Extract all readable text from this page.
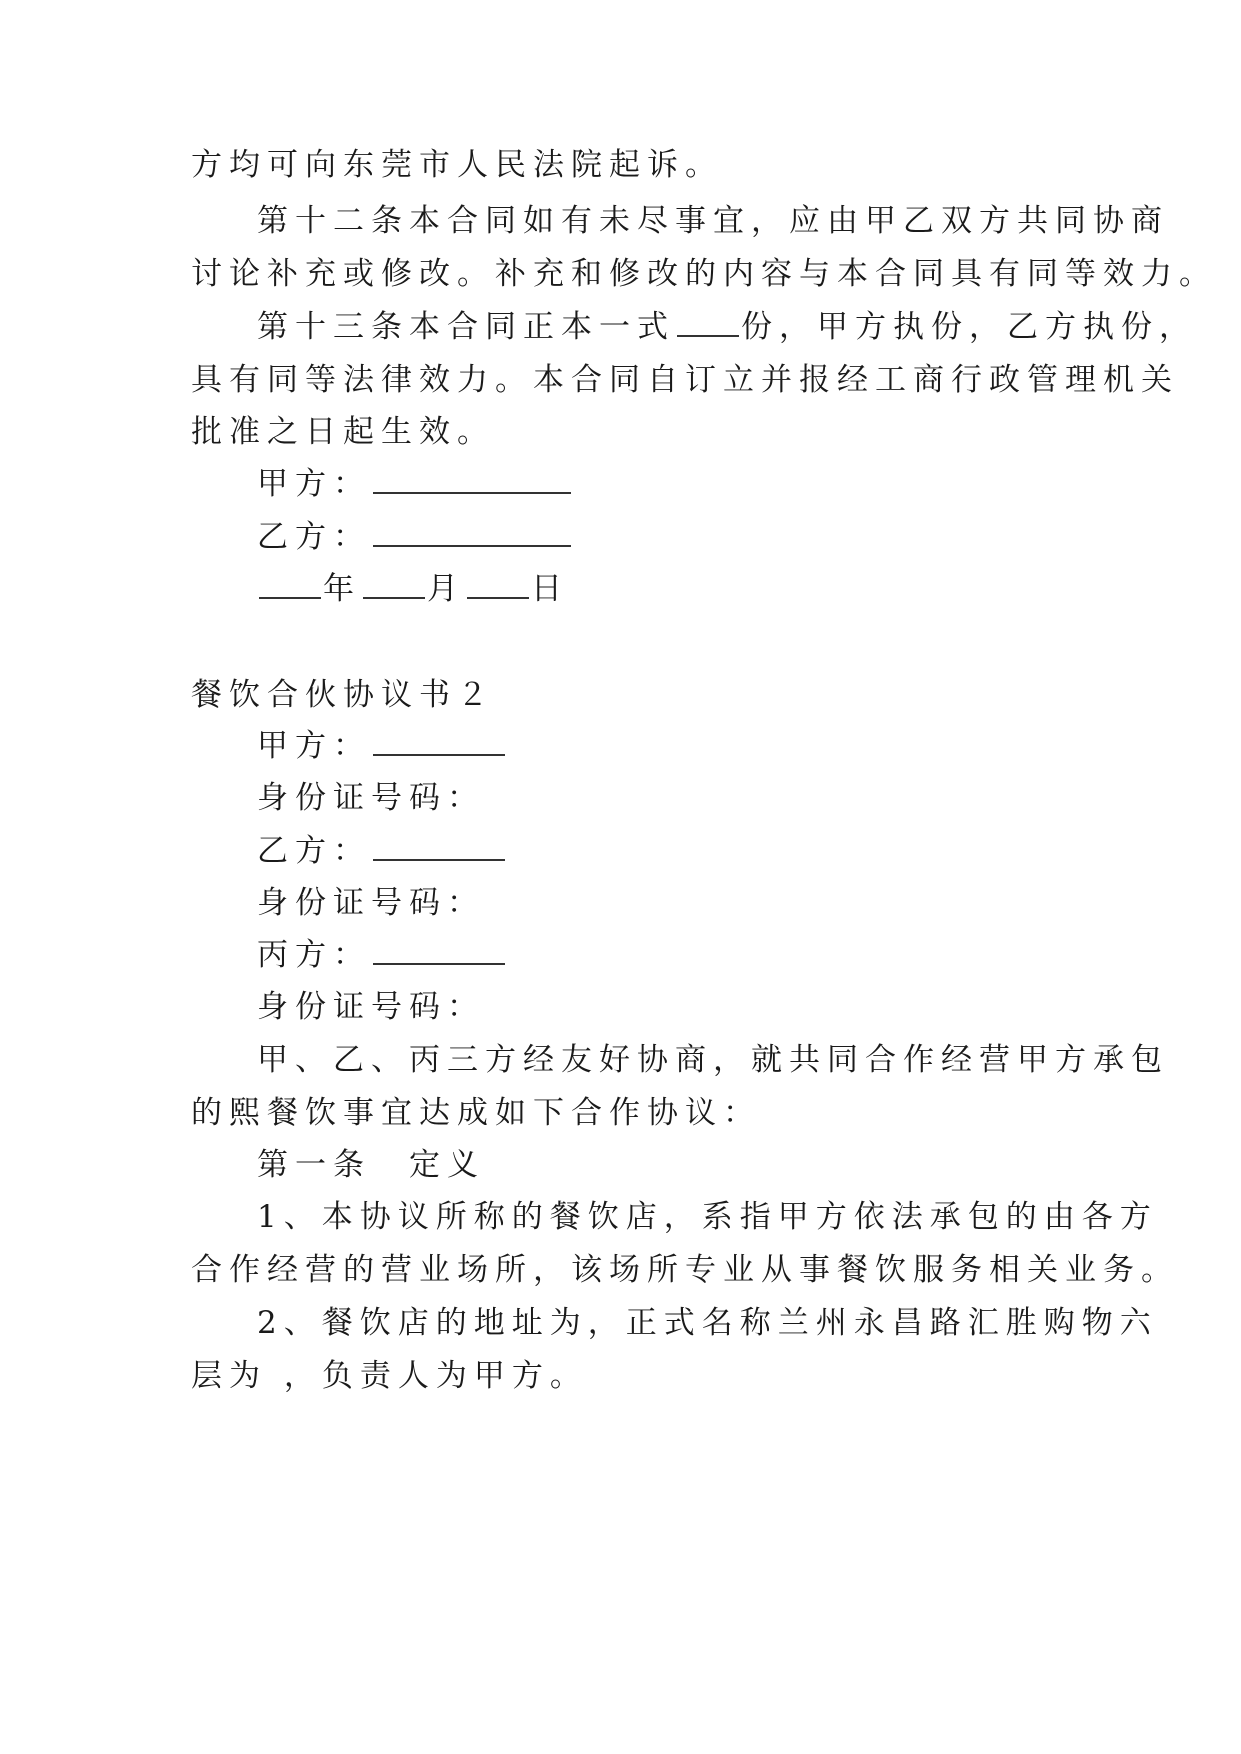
方均可向东莞市人民法院起诉。
第十二条本合同如有未尽事宜，应由甲乙双方共同协商
讨论补充或修改。补充和修改的内容与本合同具有同等效力。
第十三条本合同正本一式 份，甲方执份，乙方执份，
具有同等法律效力。本合同自订立并报经工商行政管理机关
批准之日起生效。
甲方：
乙方：
年 月 日
餐饮合伙协议书２
甲方：
身份证号码：
乙方：
身份证号码：
丙方：
身份证号码：
甲、乙、丙三方经友好协商，就共同合作经营甲方承包
的熙餐饮事宜达成如下合作协议：
第一条　定义
1、本协议所称的餐饮店，系指甲方依法承包的由各方
合作经营的营业场所，该场所专业从事餐饮服务相关业务。
2、餐饮店的地址为，正式名称兰州永昌路汇胜购物六
层为 ，负责人为甲方。
